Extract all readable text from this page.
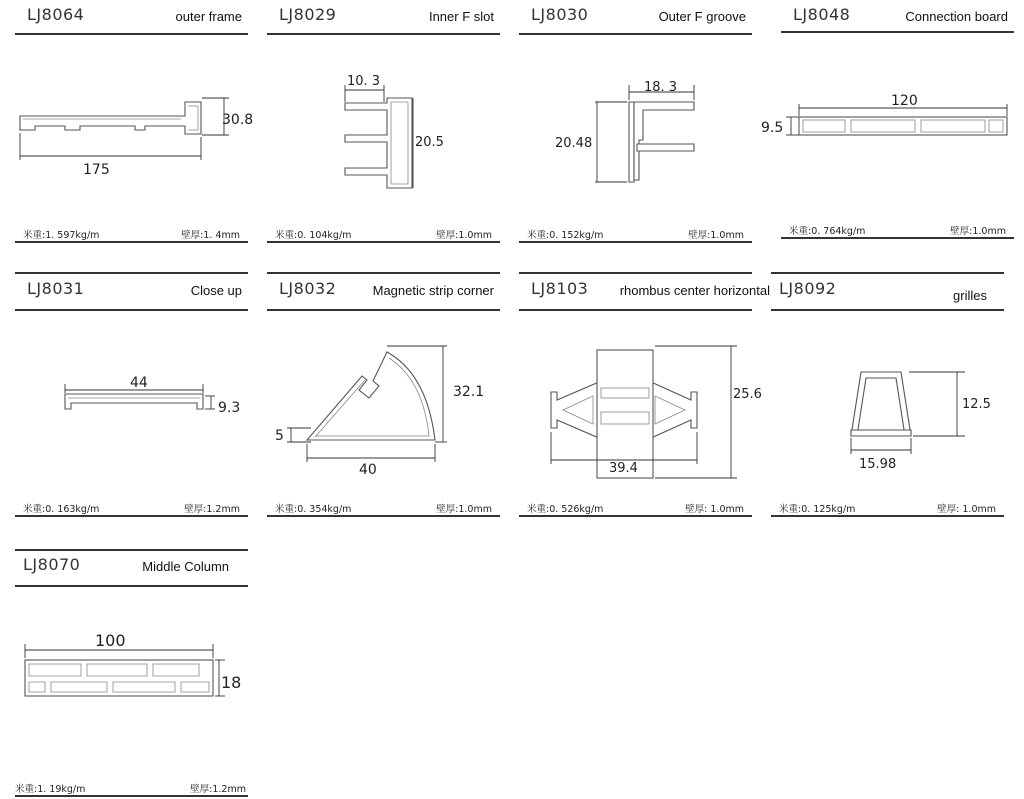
LJ8064	outer frame
30.8
175
米重:1. 597kg/m	壁厚:1. 4mm
LJ8029	Inner F slot
10. 3
20.5
米重:0. 104kg/m	壁厚:1.0mm
LJ8030	Outer F groove
18. 3
20.48
米重:0. 152kg/m	壁厚:1.0mm
LJ8048	Connection board
120
9.5
米重:0. 764kg/m	壁厚:1.0mm
LJ8031	Close up
44
9.3
米重:0. 163kg/m	壁厚:1.2mm
LJ8032	Magnetic strip corner
32.1
5
40
米重:0. 354kg/m	壁厚:1.0mm
LJ8103 rhombus center horizontal
25.6
39.4
米重:0. 526kg/m	壁厚: 1.0mm
LJ8092	grilles
12.5
15.98
米重:0. 125kg/m	壁厚: 1.0mm
LJ8070	Middle Column
100
18
米重:1. 19kg/m	壁厚:1.2mm
